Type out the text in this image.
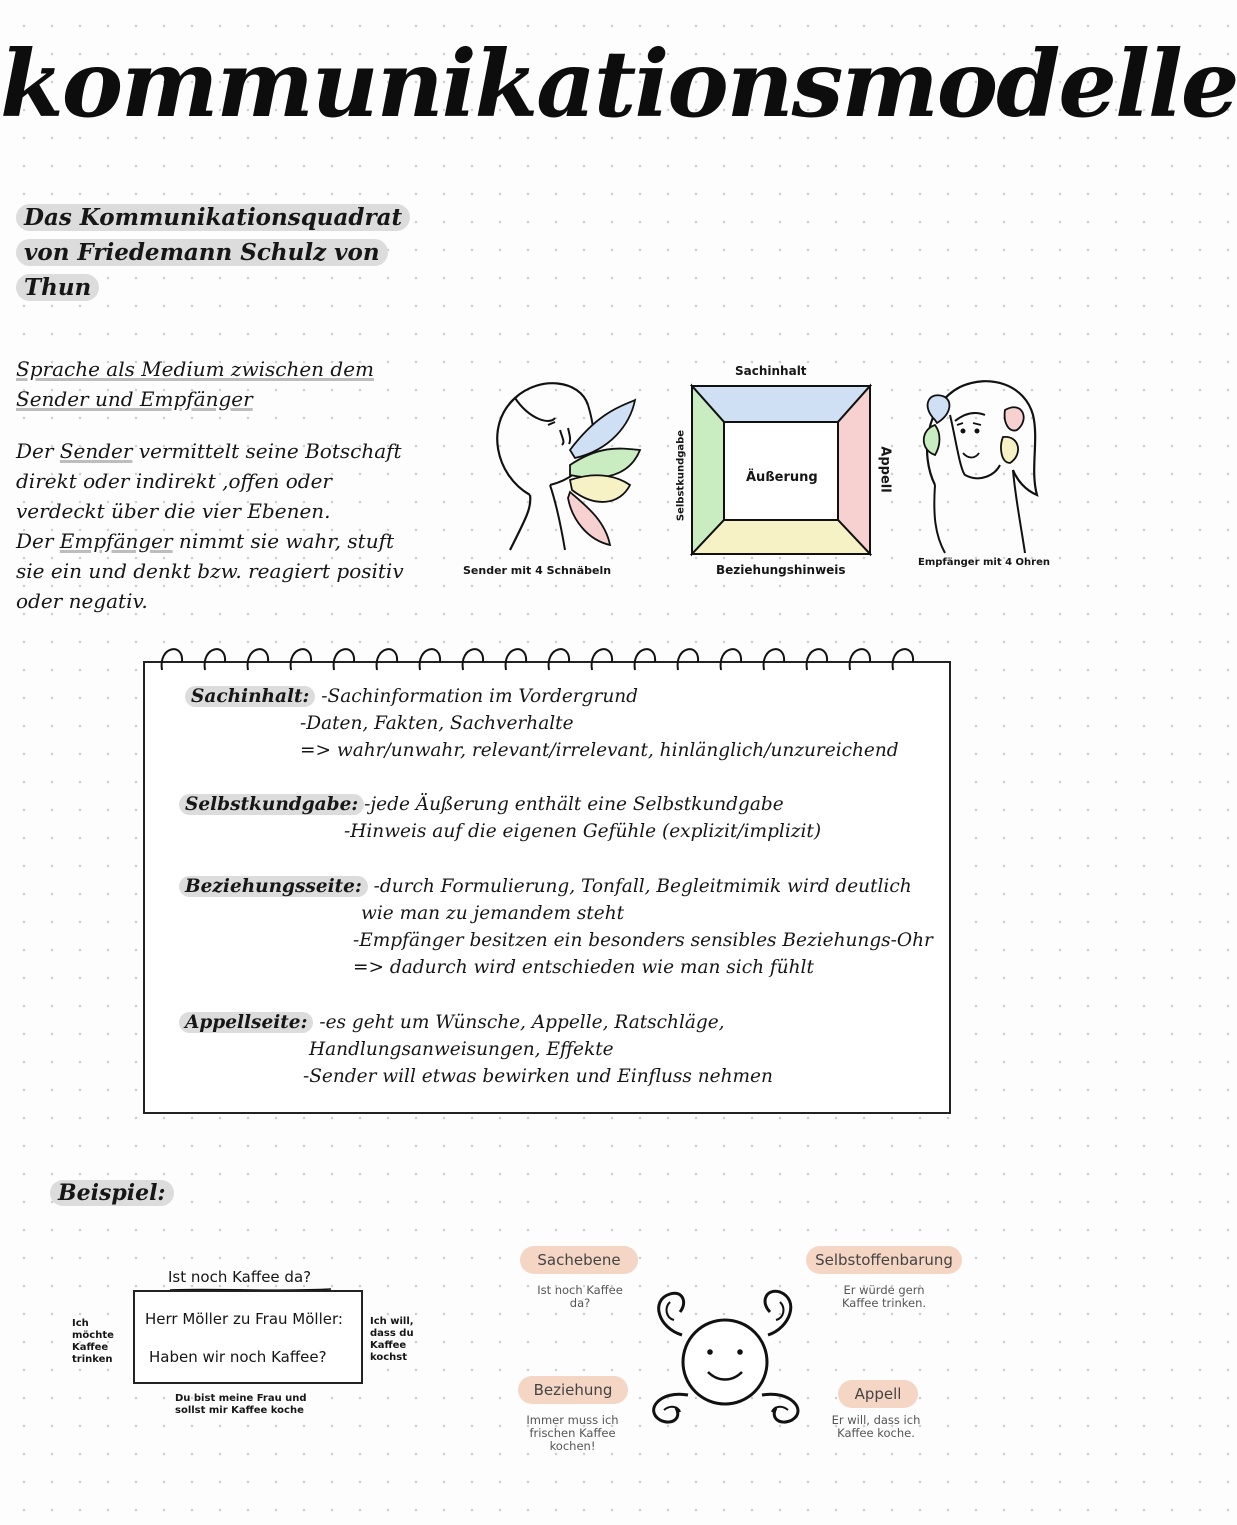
kommunikationsmodelle
Das Kommunikationsquadrat
von Friedemann Schulz von
Thun

Sprache als Medium zwischen dem
Sender und Empfänger

Der Sender vermittelt seine Botschaft
direkt oder indirekt ,offen oder
verdeckt über die vier Ebenen.
Der Empfänger nimmt sie wahr, stuft
sie ein und denkt bzw. reagiert positiv
oder negativ.

Sender mit 4 Schnäbeln
Sachinhalt
Äußerung
Selbstkundgabe	Appell
Beziehungshinweis
Empfänger mit 4 Ohren
Sachinhalt: -Sachinformation im Vordergrund
-Daten, Fakten, Sachverhalte
=> wahr/unwahr, relevant/irrelevant, hinlänglich/unzureichend
Selbstkundgabe: -jede Äußerung enthält eine Selbstkundgabe
-Hinweis auf die eigenen Gefühle (explizit/implizit)
Beziehungsseite: -durch Formulierung, Tonfall, Begleitmimik wird deutlich
wie man zu jemandem steht
-Empfänger besitzen ein besonders sensibles Beziehungs-Ohr
=> dadurch wird entschieden wie man sich fühlt
Appellseite: -es geht um Wünsche, Appelle, Ratschläge,
Handlungsanweisungen, Effekte
-Sender will etwas bewirken und Einfluss nehmen
Beispiel:
Ist noch Kaffee da?
Herr Möller zu Frau Möller:
Haben wir noch Kaffee?
Ich möchte Kaffee trinken
Ich will, dass du Kaffee kochst
Du bist meine Frau und
sollst mir Kaffee koche
Sachebene
Ist noch Kaffee da?
Selbstoffenbarung
Er würde gern Kaffee trinken.
Beziehung
Immer muss ich frischen Kaffee kochen!
Appell
Er will, dass ich Kaffee koche.
